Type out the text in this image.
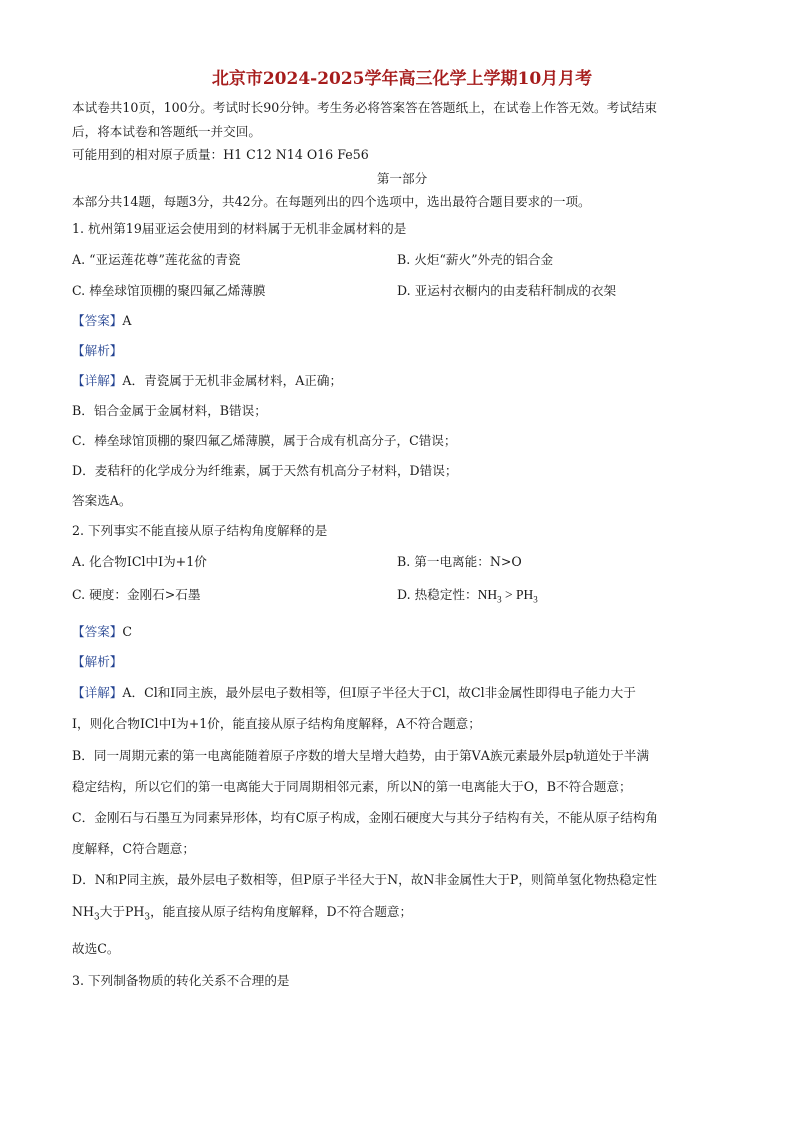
北京市2024-2025学年高三化学上学期10月月考

本试卷共10页，100分。考试时长90分钟。考生务必将答案答在答题纸上，在试卷上作答无效。考试结束

后，将本试卷和答题纸一并交回。

可能用到的相对原子质量：H1 C12 N14 O16 Fe56

第一部分

本部分共14题，每题3分，共42分。在每题列出的四个选项中，选出最符合题目要求的一项。

1. 杭州第19届亚运会使用到的材料属于无机非金属材料的是

A. “亚运莲花尊”莲花盆的青瓷	B. 火炬“薪火”外壳的铝合金
C. 棒垒球馆顶棚的聚四氟乙烯薄膜	D. 亚运村衣橱内的由麦秸秆制成的衣架

【答案】A

【解析】

【详解】A．青瓷属于无机非金属材料，A正确；

B．铝合金属于金属材料，B错误；

C．棒垒球馆顶棚的聚四氟乙烯薄膜，属于合成有机高分子，C错误；

D．麦秸秆的化学成分为纤维素，属于天然有机高分子材料，D错误；

答案选A。

2. 下列事实不能直接从原子结构角度解释的是

A. 化合物ICl中I为+1价	B. 第一电离能：N>O
C. 硬度：金刚石>石墨	D. 热稳定性：$NH_3 > PH_3$

【答案】C

【解析】

【详解】A．Cl和I同主族，最外层电子数相等，但I原子半径大于Cl，故Cl非金属性即得电子能力大于

I，则化合物ICl中I为+1价，能直接从原子结构角度解释，A不符合题意；

B．同一周期元素的第一电离能随着原子序数的增大呈增大趋势，由于第ⅤA族元素最外层p轨道处于半满

稳定结构，所以它们的第一电离能大于同周期相邻元素，所以N的第一电离能大于O，B不符合题意；

C．金刚石与石墨互为同素异形体，均有C原子构成，金刚石硬度大与其分子结构有关，不能从原子结构角

度解释，C符合题意；

D．N和P同主族，最外层电子数相等，但P原子半径大于N，故N非金属性大于P，则简单氢化物热稳定性

$NH_3$大于$PH_3$，能直接从原子结构角度解释，D不符合题意；

故选C。

3. 下列制备物质的转化关系不合理的是
